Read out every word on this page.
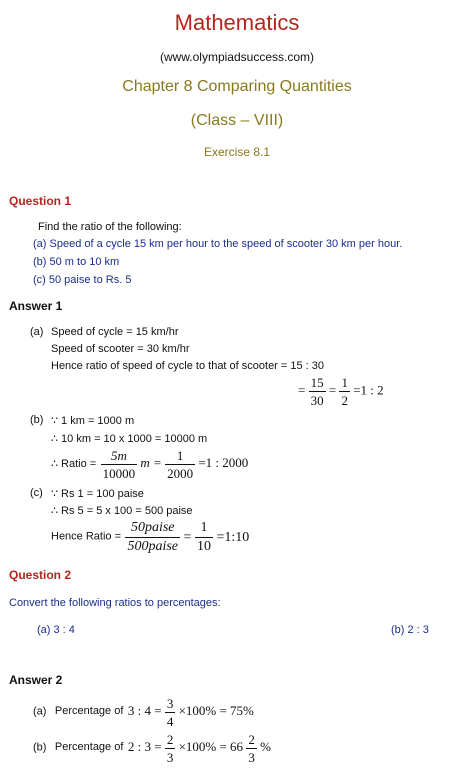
Mathematics
(www.olympiadsuccess.com)
Chapter 8 Comparing Quantities
(Class – VIII)
Exercise 8.1
Question 1
Find the ratio of the following:
(a) Speed of a cycle 15 km per hour to the speed of scooter 30 km per hour.
(b) 50 m to 10 km
(c) 50 paise to Rs. 5
Answer 1
(a) Speed of cycle = 15 km/hr
Speed of scooter = 30 km/hr
Hence ratio of speed of cycle to that of scooter = 15 : 30
= $\frac{15}{30} = \frac{1}{2} =1$ : 2
(b) ∵ 1 km = 1000 m
∴ 10 km = 10 x 1000 = 10000 m
∴ Ratio = $\frac{5m}{10000}$ $m = \frac{1}{2000} =1$ : 2000
(c) ∵ Rs 1 = 100 paise
∴ Rs 5 = 5 x 100 = 500 paise
Hence Ratio = $\frac{\text{50paise}}{\text{500paise}} = \frac{1}{10}$ =1:10
Question 2
Convert the following ratios to percentages:
(a) 3 : 4	(b) 2 : 3
Answer 2
(a) Percentage of 3 : $4 = \frac{3}{4} \times 100\% = 75\%$
(b) Percentage of 2 : $3 = \frac{2}{3} \times 100\% = 66 \frac{2}{3}$ %
